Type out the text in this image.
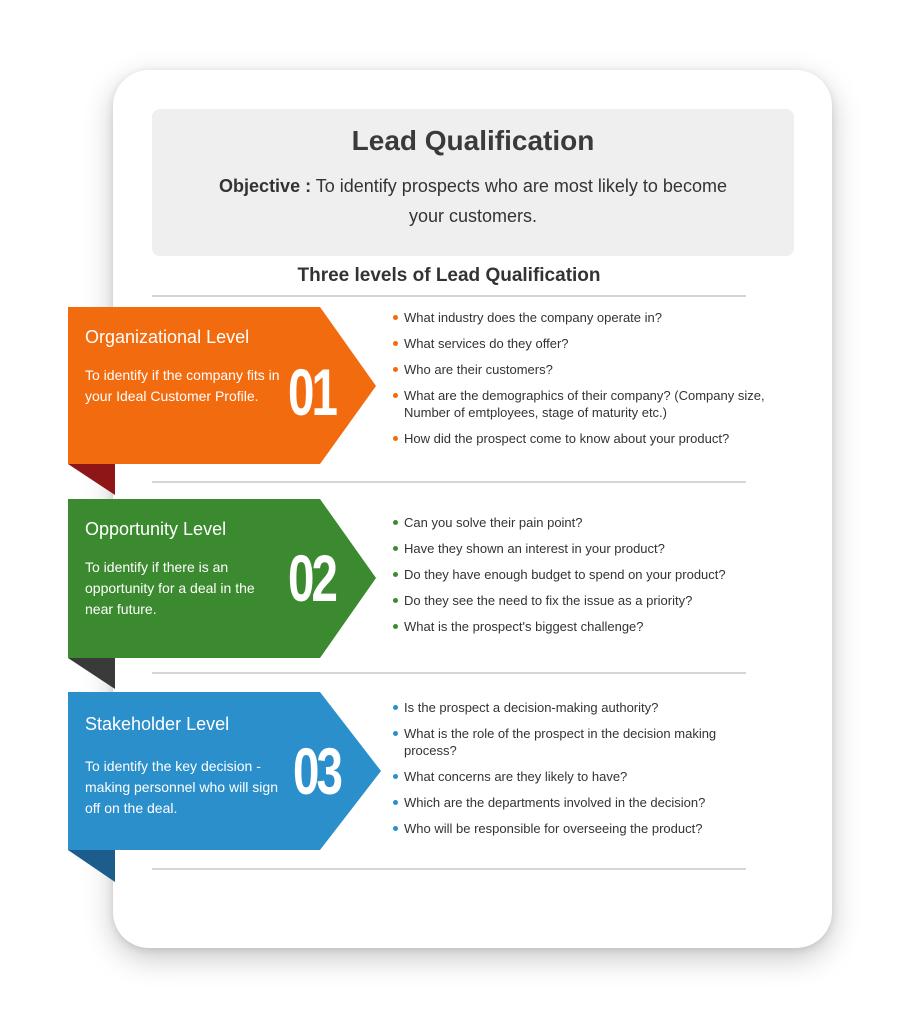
Lead Qualification

Objective : To identify prospects who are most likely to become your customers.

Three levels of Lead Qualification
Organizational Level
To identify if the company fits in your Ideal Customer Profile. 01
What industry does the company operate in?
What services do they offer?
Who are their customers?
What are the demographics of their company? (Company size, Number of emtployees, stage of maturity etc.)
How did the prospect come to know about your product?
Opportunity Level
To identify if there is an opportunity for a deal in the near future.	02
Can you solve their pain point?
Have they shown an interest in your product?
Do they have enough budget to spend on your product?
Do they see the need to fix the issue as a priority?
What is the prospect's biggest challenge?
Stakeholder Level
To identify the key decision -making personnel who will sign off on the deal.	03
Is the prospect a decision-making authority?
What is the role of the prospect in the decision making process?
What concerns are they likely to have?
Which are the departments involved in the decision?
Who will be responsible for overseeing the product?
